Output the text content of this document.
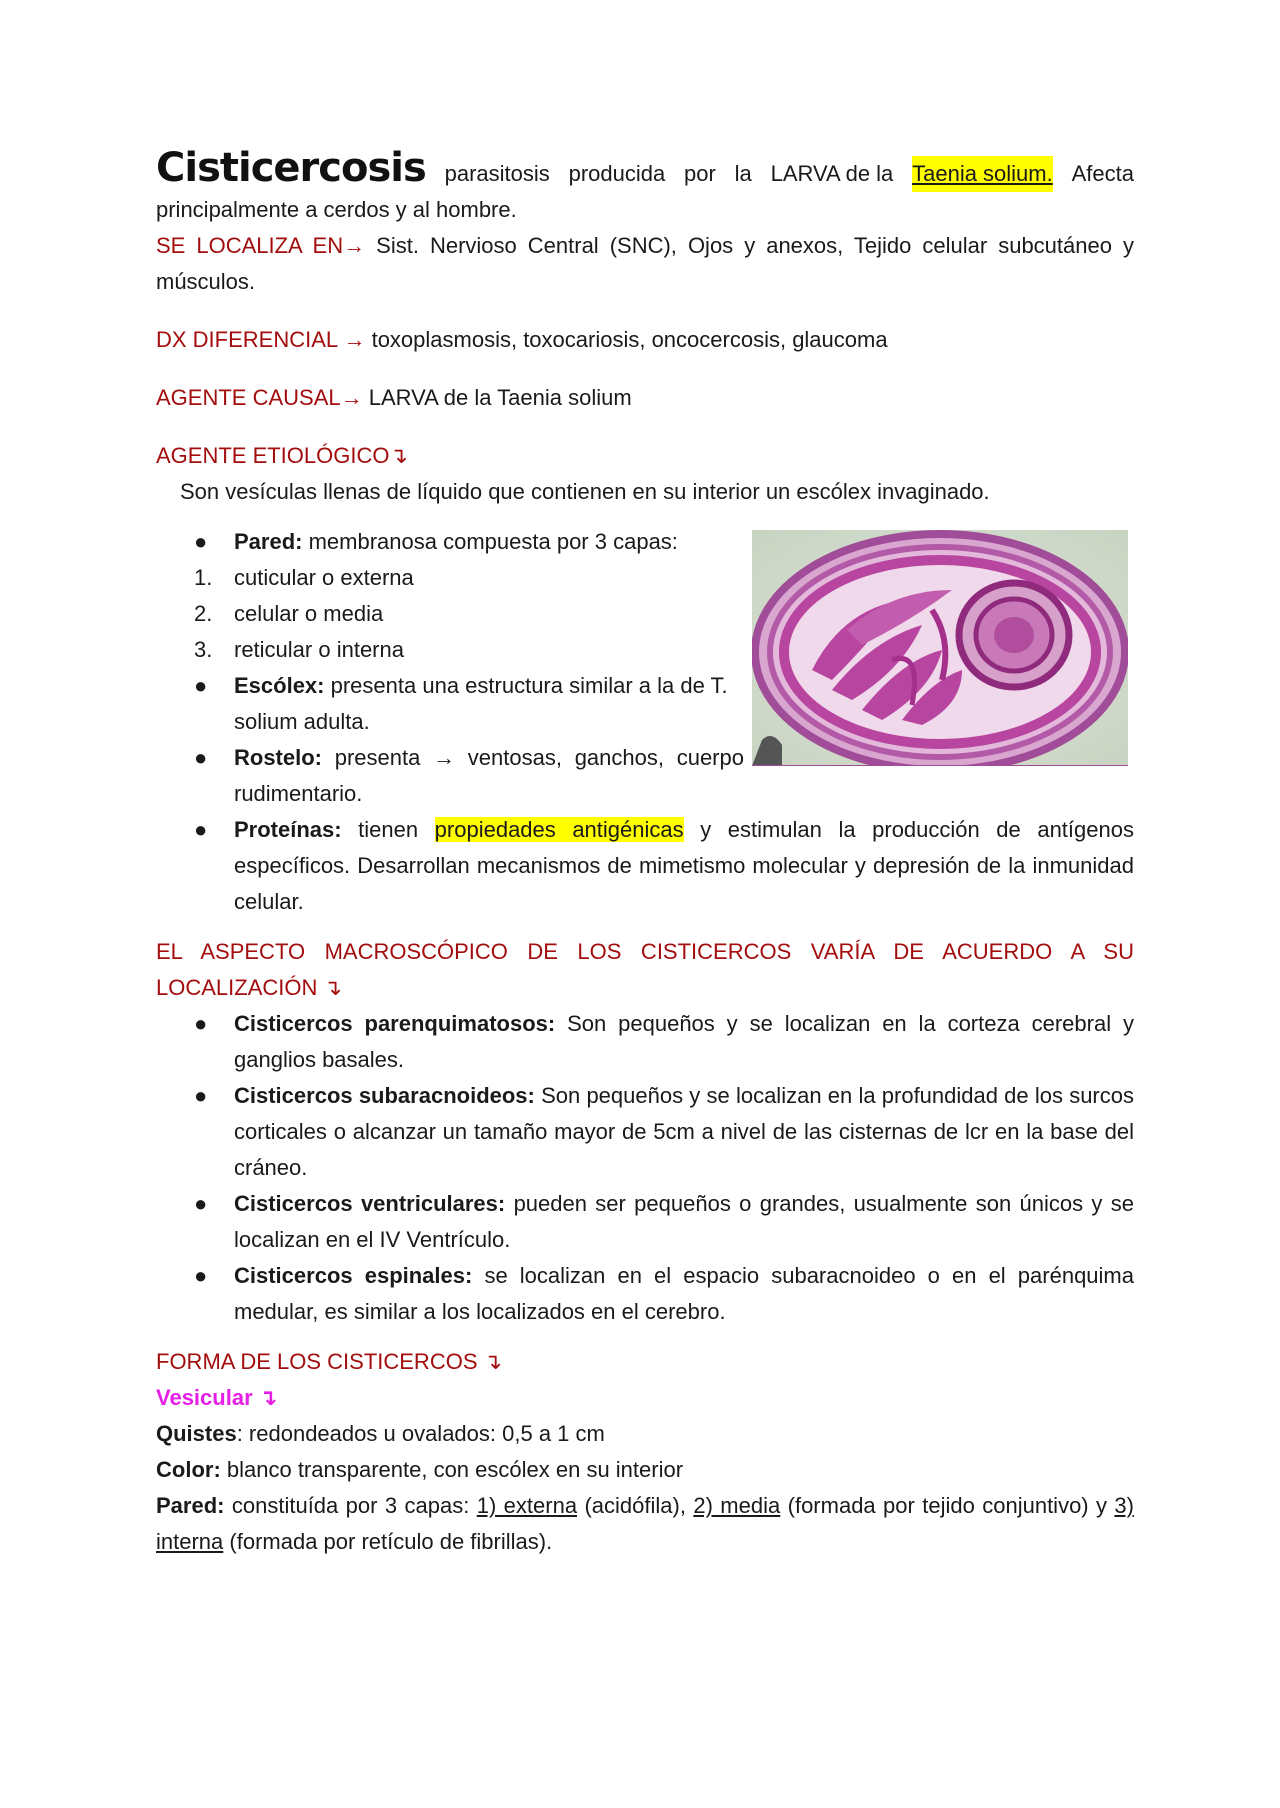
Cisticercosis parasitosis producida por la LARVA de la Taenia solium. Afecta

principalmente a cerdos y al hombre.

SE LOCALIZA EN→ Sist. Nervioso Central (SNC), Ojos y anexos, Tejido celular subcutáneo y músculos.

DX DIFERENCIAL → toxoplasmosis, toxocariosis, oncocercosis, glaucoma

AGENTE CAUSAL→ LARVA de la Taenia solium

AGENTE ETIOLÓGICO↴

Son vesículas llenas de líquido que contienen en su interior un escólex invaginado.

●	Pared: membranosa compuesta por 3 capas:
1. cuticular o externa
2. celular o media
3. reticular o interna
●	Escólex: presenta una estructura similar a la de T. solium adulta.
●	Rostelo: presenta → ventosas, ganchos, cuerpo rudimentario.
●	Proteínas: tienen propiedades antigénicas y estimulan la producción de antígenos específicos. Desarrollan mecanismos de mimetismo molecular y depresión de la inmunidad celular.

EL ASPECTO MACROSCÓPICO DE LOS CISTICERCOS VARÍA DE ACUERDO A SU LOCALIZACIÓN ↴

●	Cisticercos parenquimatosos: Son pequeños y se localizan en la corteza cerebral y ganglios basales.
●	Cisticercos subaracnoideos: Son pequeños y se localizan en la profundidad de los surcos corticales o alcanzar un tamaño mayor de 5cm a nivel de las cisternas de lcr en la base del cráneo.
●	Cisticercos ventriculares: pueden ser pequeños o grandes, usualmente son únicos y se localizan en el IV Ventrículo.
●	Cisticercos espinales: se localizan en el espacio subaracnoideo o en el parénquima medular, es similar a los localizados en el cerebro.

FORMA DE LOS CISTICERCOS ↴

Vesicular ↴

Quistes: redondeados u ovalados: 0,5 a 1 cm

Color: blanco transparente, con escólex en su interior

Pared: constituída por 3 capas: 1) externa (acidófila), 2) media (formada por tejido conjuntivo) y 3) interna (formada por retículo de fibrillas).
